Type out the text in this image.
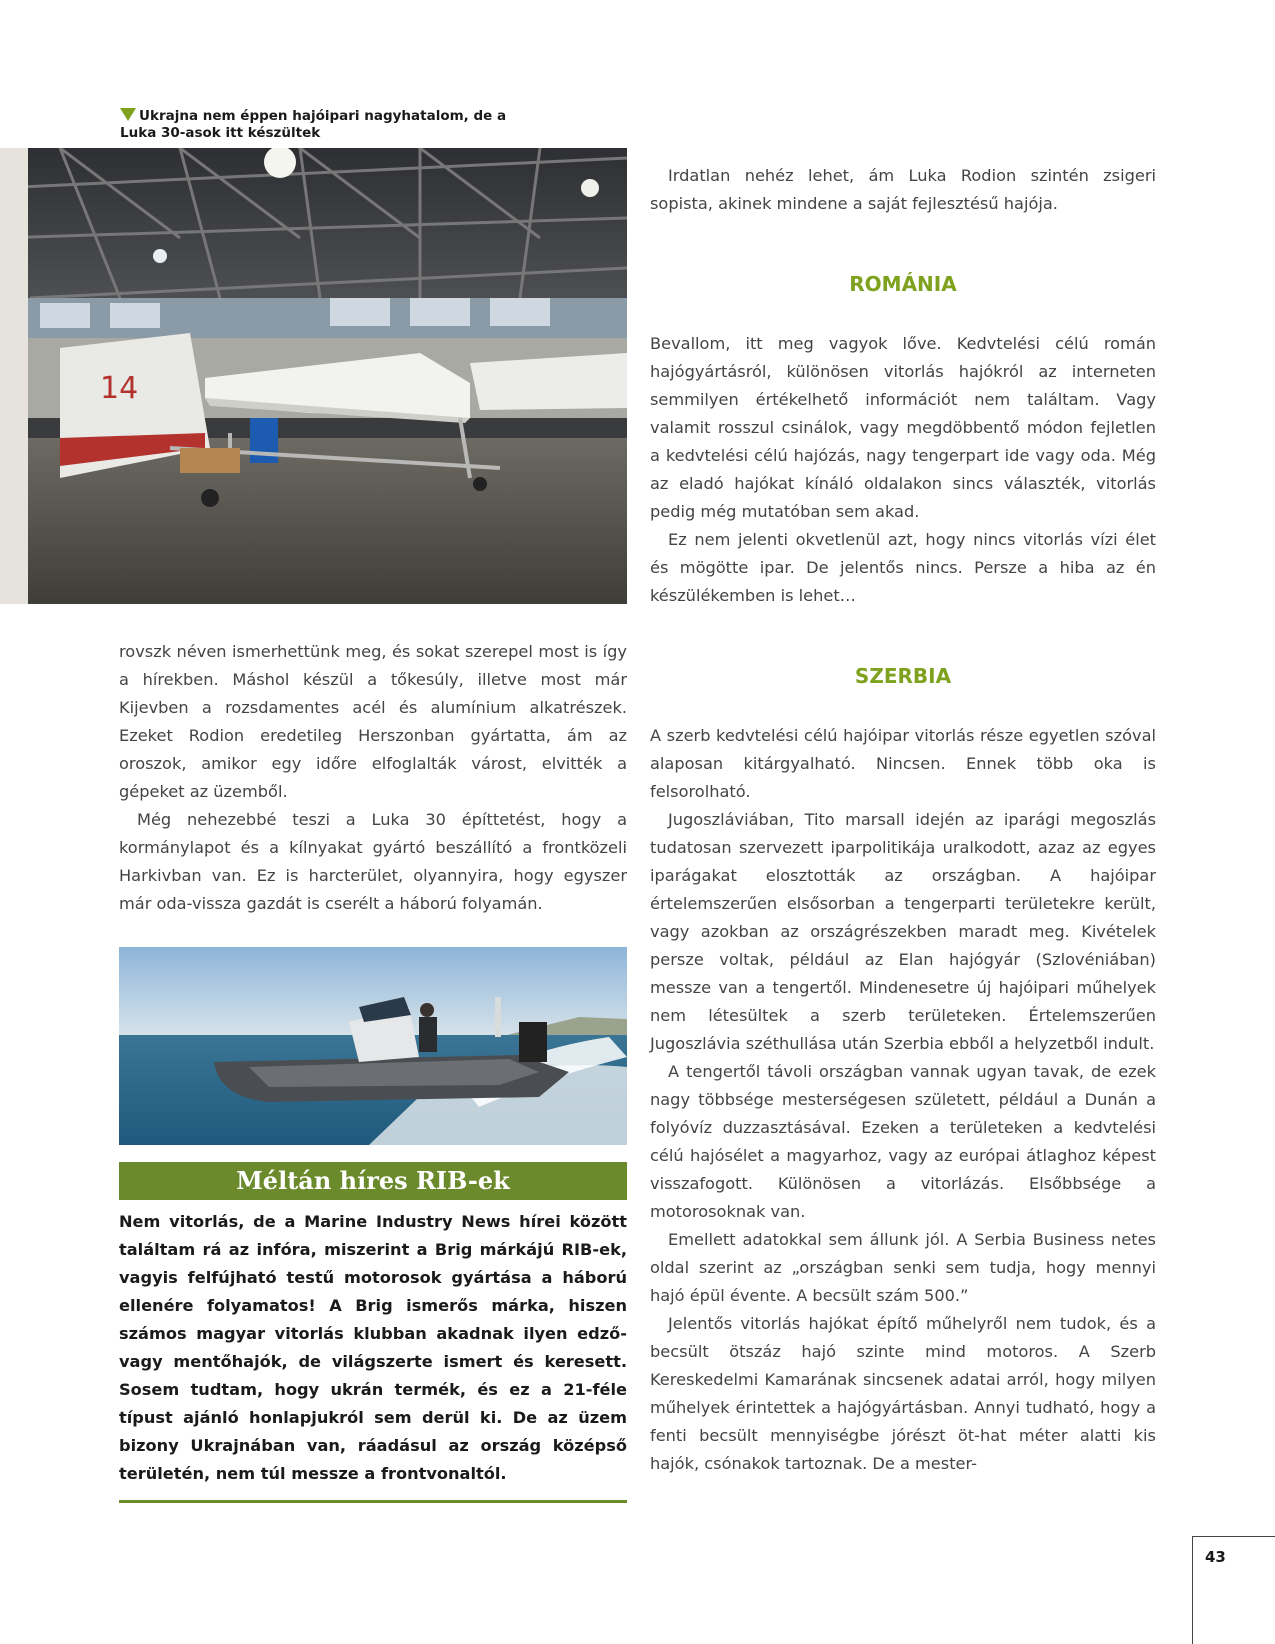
Ukrajna nem éppen hajóipari nagyhatalom, de a Luka 30-asok itt készültek
14

Irdatlan nehéz lehet, ám Luka Rodion szintén zsigeri sopista, akinek mindene a saját fejlesztésű hajója.

ROMÁNIA

Bevallom, itt meg vagyok lőve. Kedvtelési célú román hajógyártásról, különösen vitorlás hajókról az interneten semmilyen értékelhető információt nem találtam. Vagy valamit rosszul csinálok, vagy megdöbbentő módon fejletlen a kedvtelési célú hajózás, nagy tengerpart ide vagy oda. Még az eladó hajókat kínáló oldalakon sincs választék, vitorlás pedig még mutatóban sem akad.

Ez nem jelenti okvetlenül azt, hogy nincs vitorlás vízi élet és mögötte ipar. De jelentős nincs. Persze a hiba az én készülékemben is lehet…

rovszk néven ismerhettünk meg, és sokat szerepel most is így a hírekben. Máshol készül a tőkesúly, illetve most már Kijevben a rozsdamentes acél és alumínium alkatrészek. Ezeket Rodion eredetileg Herszonban gyártatta, ám az oroszok, amikor egy időre elfoglalták várost, elvitték a gépeket az üzemből.

Még nehezebbé teszi a Luka 30 építtetést, hogy a kormánylapot és a kílnyakat gyártó beszállító a frontközeli Harkivban van. Ez is harcterület, olyannyira, hogy egyszer már oda-vissza gazdát is cserélt a háború folyamán.

Méltán híres RIB-ek
Nem vitorlás, de a Marine Industry News hírei között találtam rá az infóra, miszerint a Brig márkájú RIB-ek, vagyis felfújható testű motorosok gyártása a háború ellenére folyamatos! A Brig ismerős márka, hiszen számos magyar vitorlás klubban akadnak ilyen edző- vagy mentőhajók, de világszerte ismert és keresett. Sosem tudtam, hogy ukrán termék, és ez a 21-féle típust ajánló honlapjukról sem derül ki. De az üzem bizony Ukrajnában van, ráadásul az ország középső területén, nem túl messze a frontvonaltól.
SZERBIA

A szerb kedvtelési célú hajóipar vitorlás része egyetlen szóval alaposan kitárgyalható. Nincsen. Ennek több oka is felsorolható.

Jugoszláviában, Tito marsall idején az iparági megoszlás tudatosan szervezett iparpolitikája uralkodott, azaz az egyes iparágakat elosztották az országban. A hajóipar értelemszerűen elsősorban a tengerparti területekre került, vagy azokban az országrészekben maradt meg. Kivételek persze voltak, például az Elan hajógyár (Szlovéniában) messze van a tengertől. Mindenesetre új hajóipari műhelyek nem létesültek a szerb területeken. Értelemszerűen Jugoszlávia széthullása után Szerbia ebből a helyzetből indult.

A tengertől távoli országban vannak ugyan tavak, de ezek nagy többsége mesterségesen született, például a Dunán a folyóvíz duzzasztásával. Ezeken a területeken a kedvtelési célú hajósélet a magyarhoz, vagy az európai átlaghoz képest visszafogott. Különösen a vitorlázás. Elsőbbsége a motorosoknak van.

Emellett adatokkal sem állunk jól. A Serbia Business netes oldal szerint az „országban senki sem tudja, hogy mennyi hajó épül évente. A becsült szám 500.”

Jelentős vitorlás hajókat építő műhelyről nem tudok, és a becsült ötszáz hajó szinte mind motoros. A Szerb Kereskedelmi Kamarának sincsenek adatai arról, hogy milyen műhelyek érintettek a hajógyártásban. Annyi tudható, hogy a fenti becsült mennyiségbe jórészt öt-hat méter alatti kis hajók, csónakok tartoznak. De a mester-

43
